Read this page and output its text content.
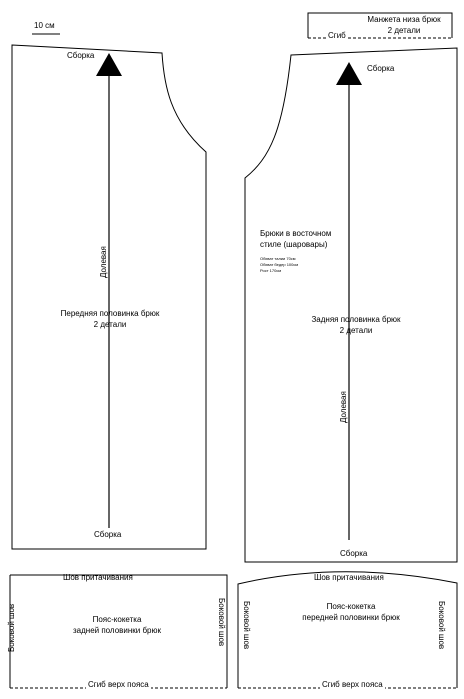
10 см
Манжета низа брюк
2 детали
Сгиб
Сборка
Долевая
Передняя половинка брюк
2 детали
Сборка
Сборка
Брюки в восточном
стиле (шаровары)
Обхват талии 70см
Обхват бедер 100см
Рост 170см
Задняя половинка брюк
2 детали
Долевая
Сборка
Шов притачивания
Боковой шов	Боковой шов
Пояс-кокетка
задней половинки брюк
Сгиб верх пояса
Шов притачивания
Боковой шов	Боковой шов
Пояс-кокетка
передней половинки брюк
Сгиб верх пояса
